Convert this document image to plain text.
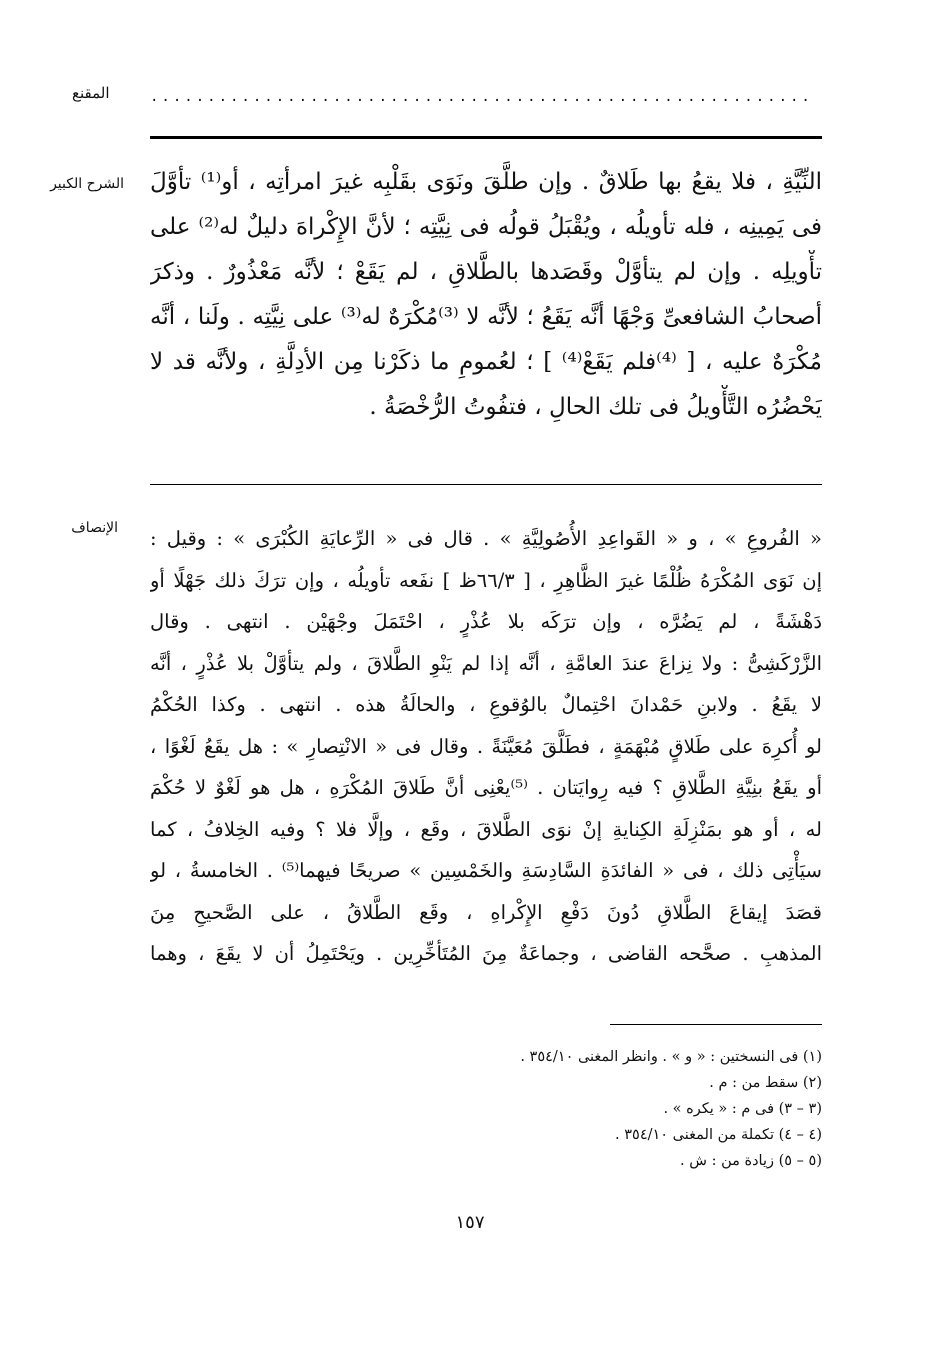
المقنع	..........................................................
الشرح الكبير النِّيَّةِ ، فلا يقعُ بها طَلاقٌ . وإن طلَّقَ ونَوَى بقَلْبِه غيرَ امرأتِه ، أو⁽¹⁾ تأوَّلَ
فى يَمِينِه ، فله تأويلُه ، ويُقْبَلُ قولُه فى نِيَّتِه ؛ لأنَّ الإِكْراهَ دليلٌ له⁽²⁾ على
تأْويلِه . وإن لم يتأوَّلْ وقَصَدها بالطَّلاقِ ، لم يَقَعْ ؛ لأنَّه مَعْذُورٌ . وذكرَ
أصحابُ الشافعىِّ وَجْهًا أنَّه يَقَعُ ؛ لأنَّه لا ⁽³⁾مُكْرَهٌ له⁽³⁾ على نِيَّتِه . ولَنا ، أنَّه
مُكْرَهٌ عليه ، [ ⁽⁴⁾فلم يَقَعْ⁽⁴⁾ ] ؛ لعُمومِ ما ذكَرْنا مِن الأدِلَّةِ ، ولأنَّه قد لا
يَحْضُرُه التَّأْويلُ فى تلك الحالِ ، فتفُوتُ الرُّخْصَةُ .
الإنصاف « الفُروعِ » ، و « القَواعِدِ الأُصُولِيَّةِ » . قال فى « الرِّعايَةِ الكُبْرَى » : وقيل :
إن نَوَى المُكْرَهُ ظُلْمًا غيرَ الظَّاهِرِ ، [ ٦٦/٣ظ ] نفَعه تأويلُه ، وإن ترَكَ ذلك جَهْلًا أو
دَهْشَةً ، لم يَضُرَّه ، وإن ترَكَه بلا عُذْرٍ ، احْتَمَلَ وجْهَيْن . انتهى . وقال
الزَّرْكَشِىُّ : ولا نِزاعَ عندَ العامَّةِ ، أنَّه إذا لم يَنْوِ الطَّلاقَ ، ولم يتأوَّلْ بلا عُذْرٍ ، أنَّه
لا يقَعُ . ولابنِ حَمْدانَ احْتِمالٌ بالوُقوعِ ، والحالَةُ هذه . انتهى . وكذا الحُكْمُ
لو أُكرِهَ على طَلاقٍ مُبْهَمَةٍ ، فطَلَّقَ مُعَيَّنَةً . وقال فى « الانْتِصارِ » : هل يقَعُ لَغْوًا ،
أو يقَعُ بنِيَّةِ الطَّلاقِ ؟ فيه رِوايَتان . ⁽⁵⁾يعْنِى أنَّ طَلاقَ المُكْرَهِ ، هل هو لَغْوٌ لا حُكْمَ
له ، أو هو بمَنْزِلَةِ الكِنايةِ إنْ نوَى الطَّلاقَ ، وقَع ، وإلَّا فلا ؟ وفيه الخِلافُ ، كما
سيَأْتِى ذلك ، فى « الفائدَةِ السَّادِسَةِ والخَمْسِين » صريحًا فيهما⁽⁵⁾ . الخامسةُ ، لو
قصَدَ إيقاعَ الطَّلاقِ دُونَ دَفْعِ الإِكْراهِ ، وقَع الطَّلاقُ ، على الصَّحيحِ مِنَ
المذهبِ . صحَّحه القاضى ، وجماعَةٌ مِنَ المُتَأخِّرِين . ويَحْتَمِلُ أن لا يقَعَ ، وهما
(١) فى النسختين : « و » . وانظر المغنى ٣٥٤/١٠ .
(٢) سقط من : م .
(٣ – ٣) فى م : « يكره » .
(٤ – ٤) تكملة من المغنى ٣٥٤/١٠ .
(٥ – ٥) زيادة من : ش .
١٥٧
